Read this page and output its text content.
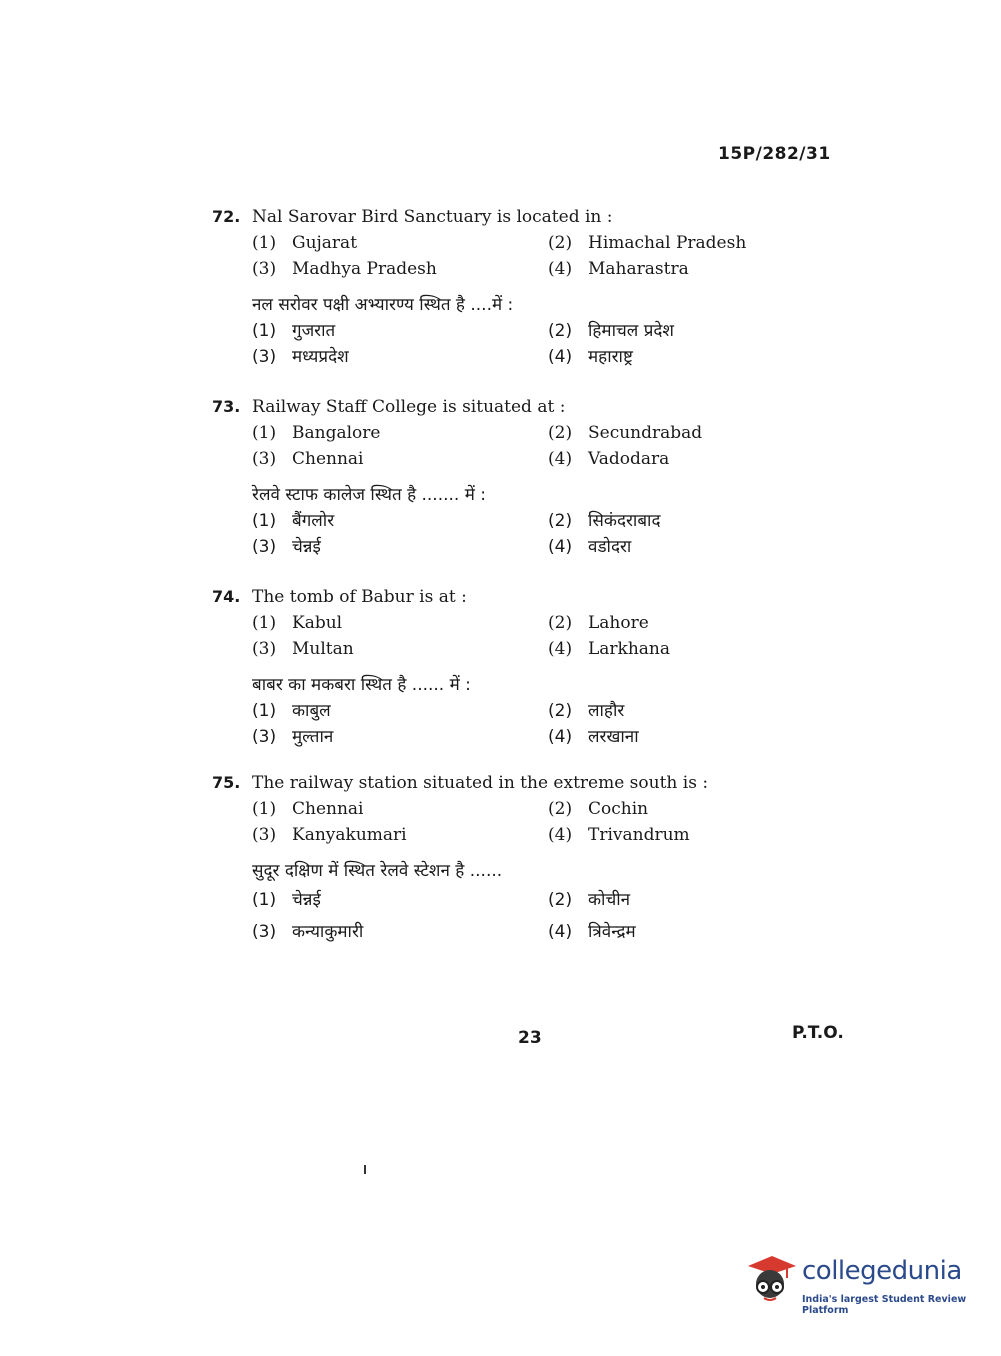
15P/282/31
72. Nal Sarovar Bird Sanctuary is located in :
(1) Gujarat	(2) Himachal Pradesh
(3) Madhya Pradesh	(4) Maharastra
नल सरोवर पक्षी अभ्यारण्य स्थित है ....में :
(1) गुजरात	(2) हिमाचल प्रदेश
(3) मध्यप्रदेश	(4) महाराष्ट्र
73. Railway Staff College is situated at :
(1) Bangalore	(2) Secundrabad
(3) Chennai	(4) Vadodara
रेलवे स्टाफ कालेज स्थित है ....... में :
(1) बैंगलोर	(2) सिकंदराबाद
(3) चेन्नई	(4) वडोदरा
74. The tomb of Babur is at :
(1) Kabul	(2) Lahore
(3) Multan	(4) Larkhana
बाबर का मकबरा स्थित है ...... में :
(1) काबुल	(2) लाहौर
(3) मुल्तान	(4) लरखाना
75. The railway station situated in the extreme south is :
(1) Chennai	(2) Cochin
(3) Kanyakumari	(4) Trivandrum
सुदूर दक्षिण में स्थित रेलवे स्टेशन है ......
(1) चेन्नई	(2) कोचीन
(3) कन्याकुमारी	(4) त्रिवेन्द्रम
23	P.T.O.
collegedunia
India's largest Student Review Platform
